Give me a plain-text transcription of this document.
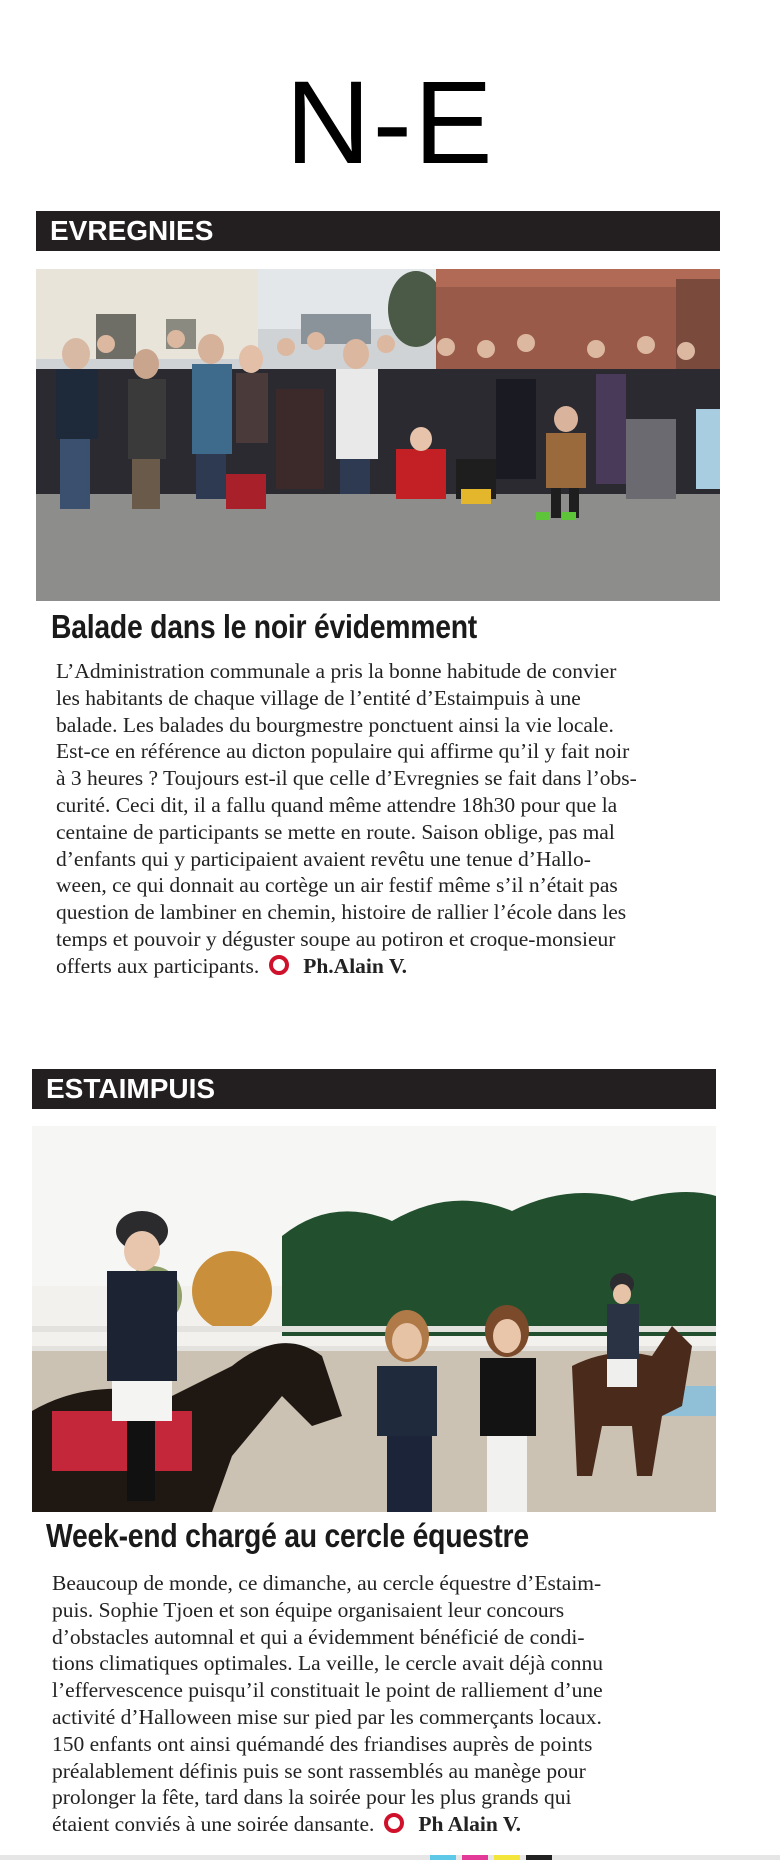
N-E
EVREGNIES
Balade dans le noir évidemment
L’Administration communale a pris la bonne habitude de convier
les habitants de chaque village de l’entité d’Estaimpuis à une
balade. Les balades du bourgmestre ponctuent ainsi la vie locale.
Est-ce en référence au dicton populaire qui affirme qu’il y fait noir
à 3 heures ? Toujours est-il que celle d’Evregnies se fait dans l’obs-
curité. Ceci dit, il a fallu quand même attendre 18h30 pour que la
centaine de participants se mette en route. Saison oblige, pas mal
d’enfants qui y participaient avaient revêtu une tenue d’Hallo-
ween, ce qui donnait au cortège un air festif même s’il n’était pas
question de lambiner en chemin, histoire de rallier l’école dans les
temps et pouvoir y déguster soupe au potiron et croque-monsieur
offerts aux participants. Ph.Alain V.
ESTAIMPUIS
Week-end chargé au cercle équestre
Beaucoup de monde, ce dimanche, au cercle équestre d’Estaim-
puis. Sophie Tjoen et son équipe organisaient leur concours
d’obstacles automnal et qui a évidemment bénéficié de condi-
tions climatiques optimales. La veille, le cercle avait déjà connu
l’effervescence puisqu’il constituait le point de ralliement d’une
activité d’Halloween mise sur pied par les commerçants locaux.
150 enfants ont ainsi quémandé des friandises auprès de points
préalablement définis puis se sont rassemblés au manège pour
prolonger la fête, tard dans la soirée pour les plus grands qui
étaient conviés à une soirée dansante. Ph Alain V.
